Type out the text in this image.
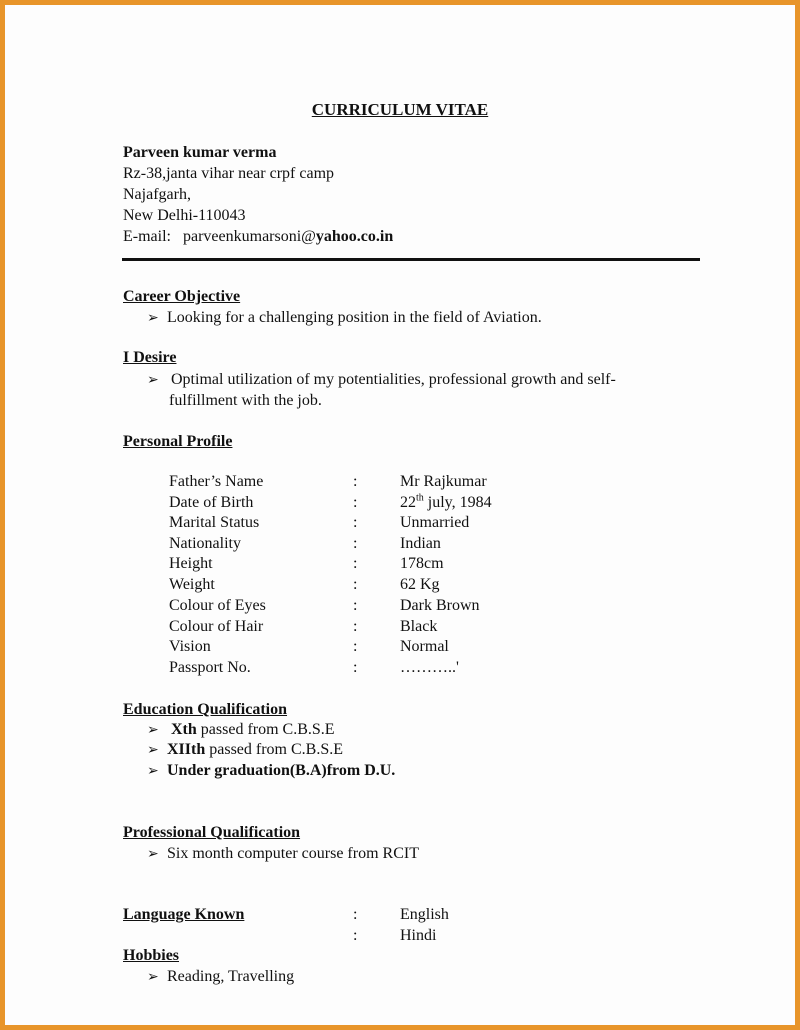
CURRICULUM VITAE
Parveen kumar verma
Rz-38,janta vihar near crpf camp
Najafgarh,
New Delhi-110043
E-mail: parveenkumarsoni@yahoo.co.in
Career Objective
➢ Looking for a challenging position in the field of Aviation.
I Desire
➢ Optimal utilization of my potentialities, professional growth and self-
fulfillment with the job.
Personal Profile
Father’s Name	:	Mr Rajkumar
Date of Birth	:	22th july, 1984
Marital Status	:	Unmarried
Nationality	:	Indian
Height	:	178cm
Weight	:	62 Kg
Colour of Eyes	:	Dark Brown
Colour of Hair	:	Black
Vision	:	Normal
Passport No.	:	………..'
Education Qualification
➢ Xth passed from C.B.S.E
➢ XIIth passed from C.B.S.E
➢ Under graduation(B.A)from D.U.
Professional Qualification
➢ Six month computer course from RCIT
Language Known	:	English
:	Hindi
Hobbies
➢ Reading, Travelling
